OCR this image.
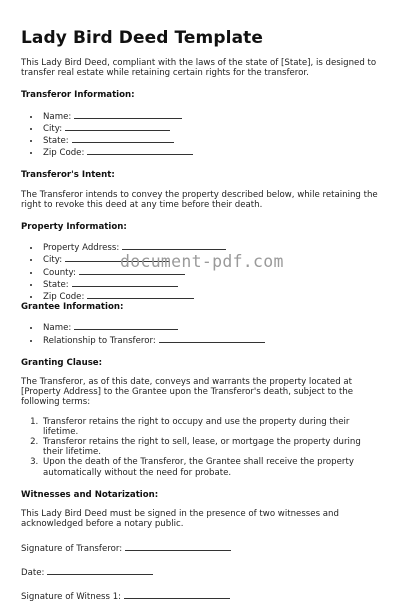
Lady Bird Deed Template

This Lady Bird Deed, compliant with the laws of the state of [State], is designed to transfer real estate while retaining certain rights for the transferor.

Transferor Information:
• Name:
• City:
• State:
• Zip Code:
Transferor's Intent:

The Transferor intends to convey the property described below, while retaining the right to revoke this deed at any time before their death.

Property Information:
• Property Address:
• City:
• County:
• State:
• Zip Code:
Grantee Information:
• Name:
• Relationship to Transferor:
Granting Clause:

The Transferor, as of this date, conveys and warrants the property located at [Property Address] to the Grantee upon the Transferor's death, subject to the following terms:

1. Transferor retains the right to occupy and use the property during their lifetime.
2. Transferor retains the right to sell, lease, or mortgage the property during their lifetime.
3. Upon the death of the Transferor, the Grantee shall receive the property automatically without the need for probate.
Witnesses and Notarization:

This Lady Bird Deed must be signed in the presence of two witnesses and acknowledged before a notary public.

Signature of Transferor:

Date:

Signature of Witness 1:

document-pdf.com
